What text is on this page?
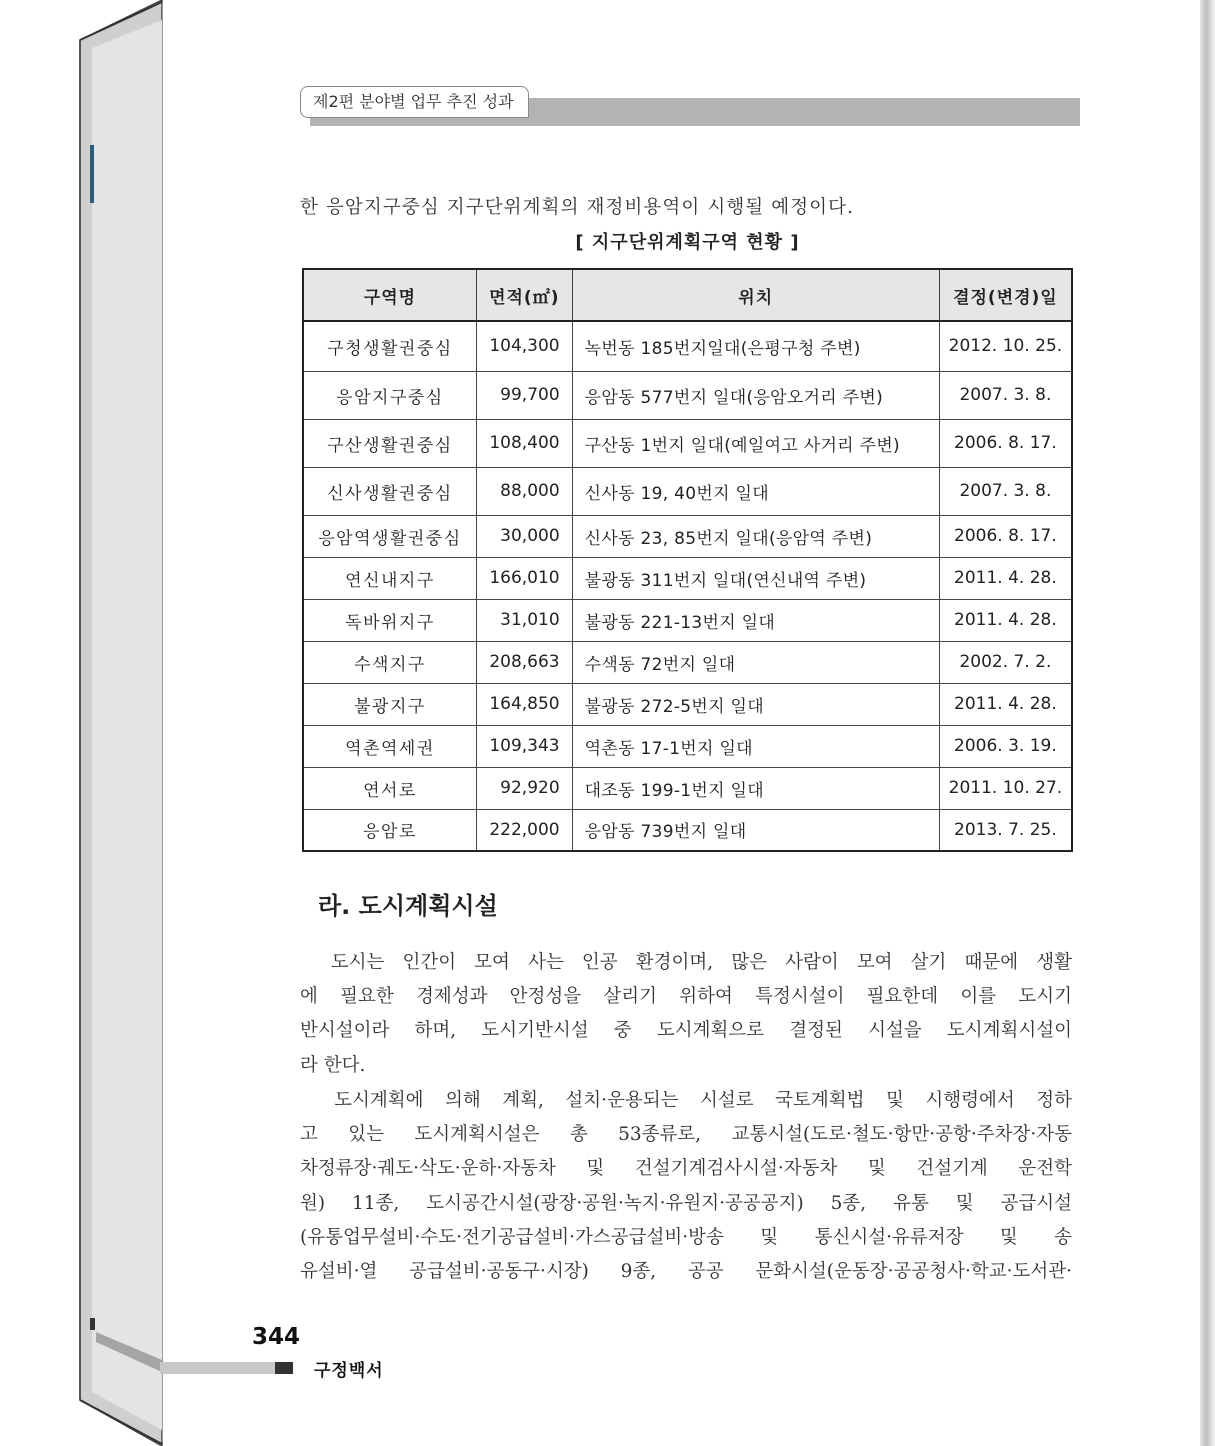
제2편 분야별 업무 추진 성과
한 응암지구중심 지구단위계획의 재정비용역이 시행될 예정이다.
[ 지구단위계획구역 현황 ]
구역명	면적(㎡)	위치	결정(변경)일
구청생활권중심	104,300	녹번동 185번지일대(은평구청 주변)	2012. 10. 25.
응암지구중심	99,700	응암동 577번지 일대(응암오거리 주변)	2007. 3. 8.
구산생활권중심	108,400	구산동 1번지 일대(예일여고 사거리 주변)	2006. 8. 17.
신사생활권중심	88,000	신사동 19, 40번지 일대	2007. 3. 8.
응암역생활권중심	30,000	신사동 23, 85번지 일대(응암역 주변)	2006. 8. 17.
연신내지구	166,010	불광동 311번지 일대(연신내역 주변)	2011. 4. 28.
독바위지구	31,010	불광동 221-13번지 일대	2011. 4. 28.
수색지구	208,663	수색동 72번지 일대	2002. 7. 2.
불광지구	164,850	불광동 272-5번지 일대	2011. 4. 28.
역촌역세권	109,343	역촌동 17-1번지 일대	2006. 3. 19.
연서로	92,920	대조동 199-1번지 일대	2011. 10. 27.
응암로	222,000	응암동 739번지 일대	2013. 7. 25.
라. 도시계획시설
　도시는 인간이 모여 사는 인공 환경이며, 많은 사람이 모여 살기 때문에 생활
에 필요한 경제성과 안정성을 살리기 위하여 특정시설이 필요한데 이를 도시기
반시설이라 하며, 도시기반시설 중 도시계획으로 결정된 시설을 도시계획시설이
라 한다.
　도시계획에 의해 계획, 설치·운용되는 시설로 국토계획법 및 시행령에서 정하
고 있는 도시계획시설은 총 53종류로, 교통시설(도로·철도·항만·공항·주차장·자동
차정류장·궤도·삭도·운하·자동차 및 건설기계검사시설·자동차 및 건설기계 운전학
원) 11종, 도시공간시설(광장·공원·녹지·유원지·공공공지) 5종, 유통 및 공급시설
(유통업무설비·수도·전기공급설비·가스공급설비·방송 및 통신시설·유류저장 및 송
유설비·열 공급설비·공동구·시장) 9종, 공공 문화시설(운동장·공공청사·학교·도서관·
344
구정백서
